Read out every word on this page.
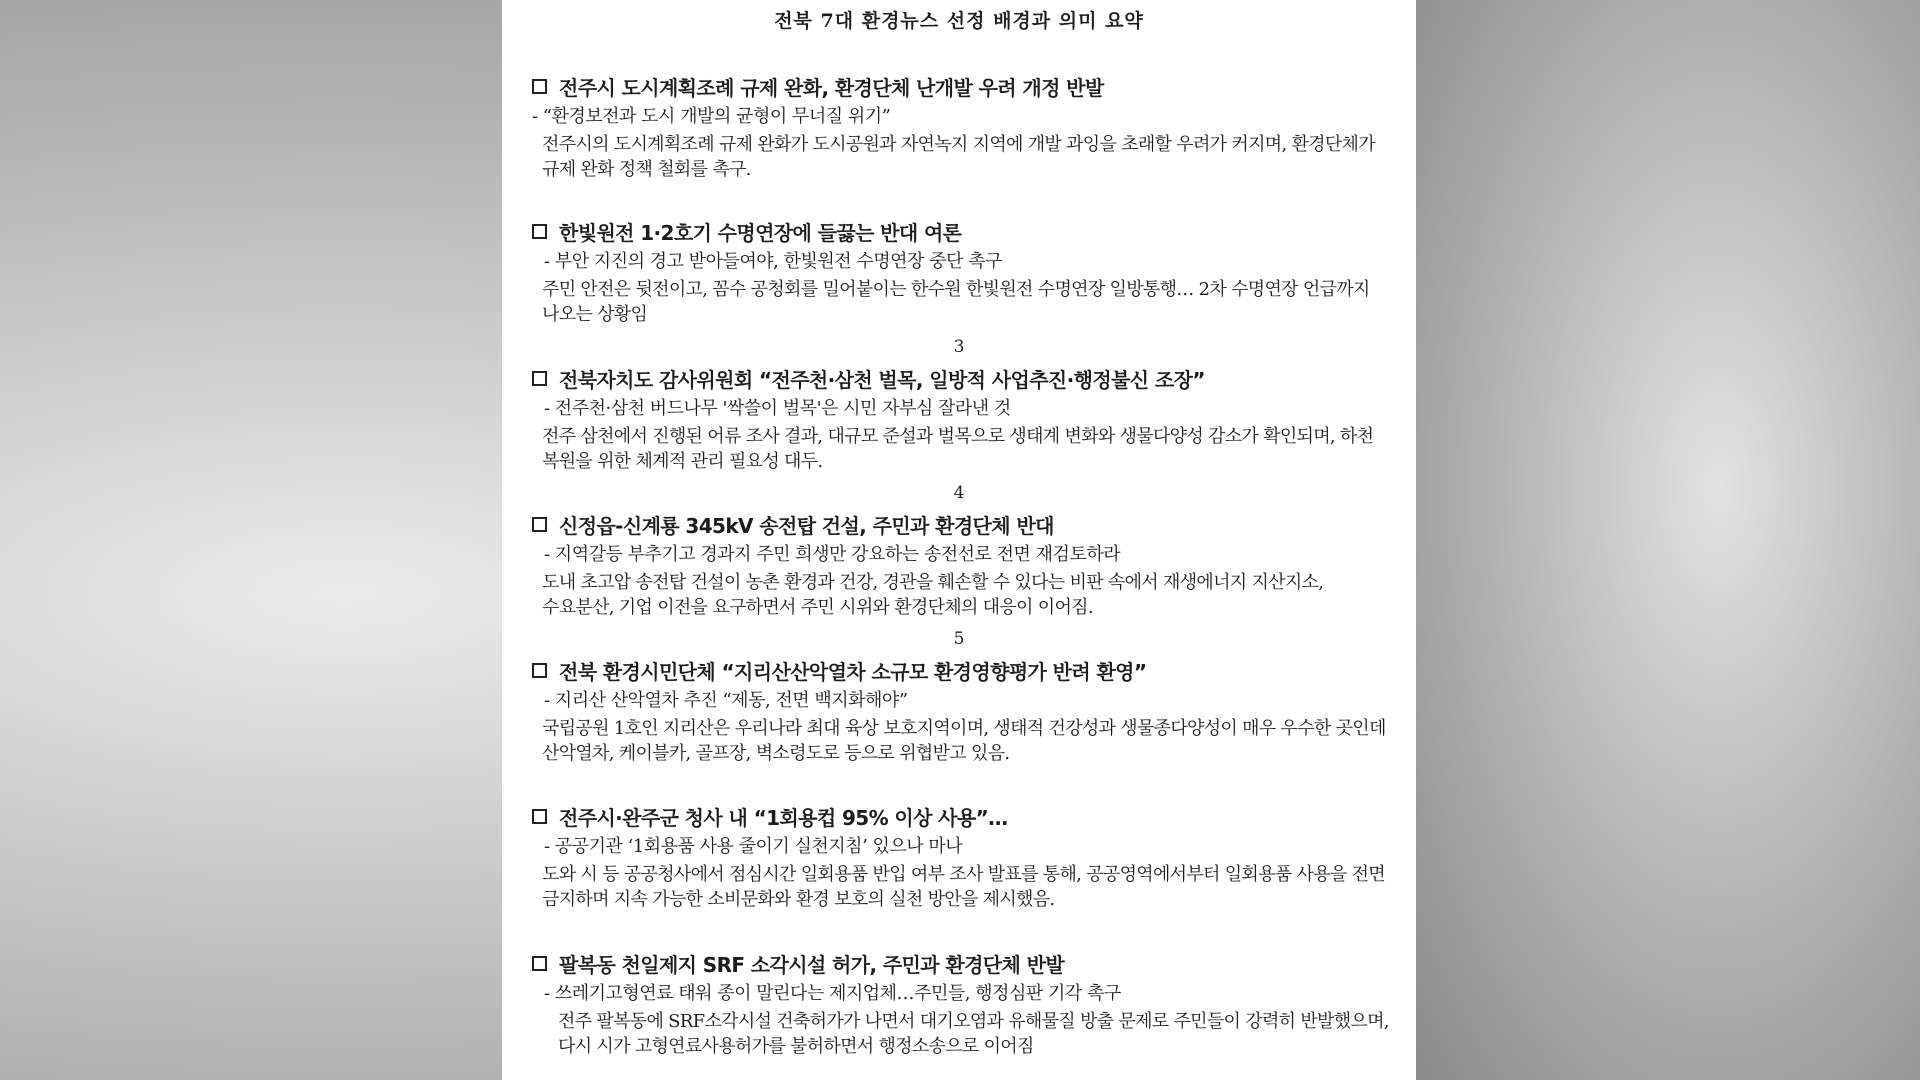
전북 7대 환경뉴스 선정 배경과 의미 요약
전주시 도시계획조례 규제 완화, 환경단체 난개발 우려 개정 반발
- “환경보전과 도시 개발의 균형이 무너질 위기”
전주시의 도시계획조례 규제 완화가 도시공원과 자연녹지 지역에 개발 과잉을 초래할 우려가 커지며, 환경단체가 규제 완화 정책 철회를 촉구.
한빛원전 1·2호기 수명연장에 들끓는 반대 여론
- 부안 지진의 경고 받아들여야, 한빛원전 수명연장 중단 촉구
주민 안전은 뒷전이고, 꼼수 공청회를 밀어붙이는 한수원 한빛원전 수명연장 일방통행… 2차 수명연장 언급까지 나오는 상황임
3
전북자치도 감사위원회 “전주천·삼천 벌목, 일방적 사업추진·행정불신 조장”
- 전주천·삼천 버드나무 '싹쓸이 벌목'은 시민 자부심 잘라낸 것
전주 삼천에서 진행된 어류 조사 결과, 대규모 준설과 벌목으로 생태계 변화와 생물다양성 감소가 확인되며, 하천 복원을 위한 체계적 관리 필요성 대두.
4
신정읍-신계룡 345kV 송전탑 건설, 주민과 환경단체 반대
- 지역갈등 부추기고 경과지 주민 희생만 강요하는 송전선로 전면 재검토하라
도내 초고압 송전탑 건설이 농촌 환경과 건강, 경관을 훼손할 수 있다는 비판 속에서 재생에너지 지산지소, 수요분산, 기업 이전을 요구하면서 주민 시위와 환경단체의 대응이 이어짐.
5
전북 환경시민단체 “지리산산악열차 소규모 환경영향평가 반려 환영”
- 지리산 산악열차 추진 “제동, 전면 백지화해야”
국립공원 1호인 지리산은 우리나라 최대 육상 보호지역이며, 생태적 건강성과 생물종다양성이 매우 우수한 곳인데 산악열차, 케이블카, 골프장, 벽소령도로 등으로 위협받고 있음.
전주시·완주군 청사 내 “1회용컵 95% 이상 사용”…
- 공공기관 ‘1회용품 사용 줄이기 실천지침’ 있으나 마나
도와 시 등 공공청사에서 점심시간 일회용품 반입 여부 조사 발표를 통해, 공공영역에서부터 일회용품 사용을 전면 금지하며 지속 가능한 소비문화와 환경 보호의 실천 방안을 제시했음.
팔복동 천일제지 SRF 소각시설 허가, 주민과 환경단체 반발
- 쓰레기고형연료 태워 종이 말린다는 제지업체…주민들, 행정심판 기각 촉구
전주 팔복동에 SRF소각시설 건축허가가 나면서 대기오염과 유해물질 방출 문제로 주민들이 강력히 반발했으며, 다시 시가 고형연료사용허가를 불허하면서 행정소송으로 이어짐
